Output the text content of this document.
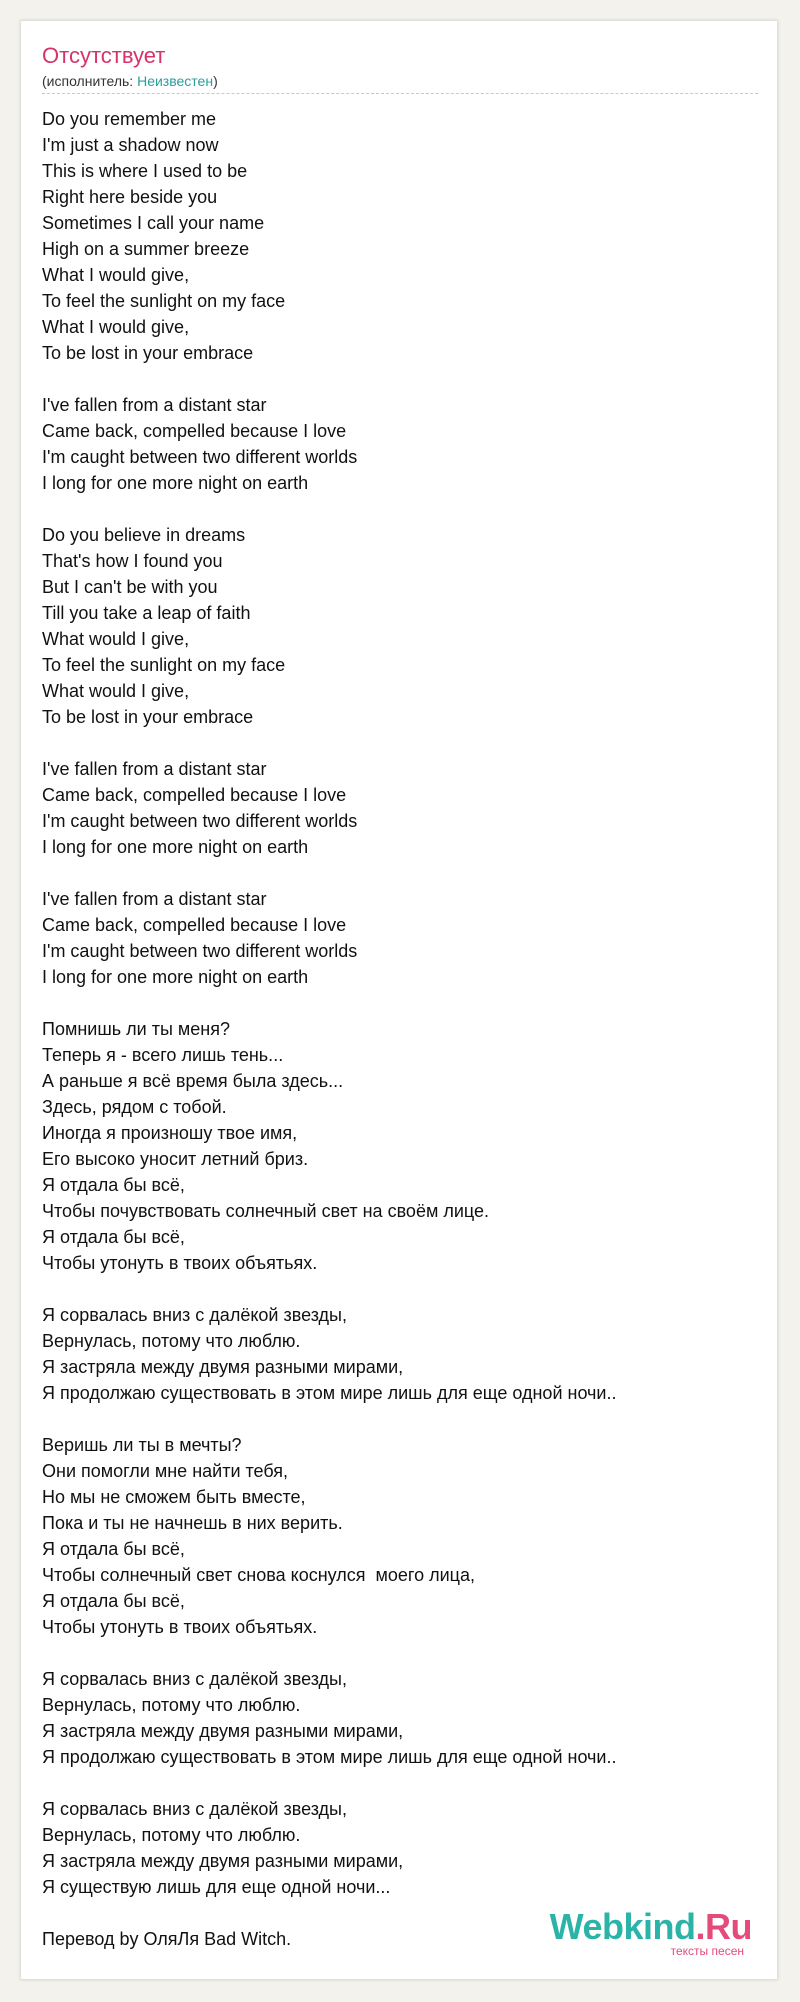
Отсутствует
(исполнитель: Неизвестен)
Do you remember me
I'm just a shadow now
This is where I used to be
Right here beside you
Sometimes I call your name
High on a summer breeze
What I would give,
To feel the sunlight on my face
What I would give,
To be lost in your embrace
I've fallen from a distant star
Came back, compelled because I love
I'm caught between two different worlds
I long for one more night on earth
Do you believe in dreams
That's how I found you
But I can't be with you
Till you take a leap of faith
What would I give,
To feel the sunlight on my face
What would I give,
To be lost in your embrace
I've fallen from a distant star
Came back, compelled because I love
I'm caught between two different worlds
I long for one more night on earth
I've fallen from a distant star
Came back, compelled because I love
I'm caught between two different worlds
I long for one more night on earth
Помнишь ли ты меня?
Теперь я - всего лишь тень...
А раньше я всё время была здесь...
Здесь, рядом с тобой.
Иногда я произношу твое имя,
Его высоко уносит летний бриз.
Я отдала бы всё,
Чтобы почувствовать солнечный свет на своём лице.
Я отдала бы всё,
Чтобы утонуть в твоих объятьях.
Я сорвалась вниз с далёкой звезды,
Вернулась, потому что люблю.
Я застряла между двумя разными мирами,
Я продолжаю существовать в этом мире лишь для еще одной ночи..
Веришь ли ты в мечты?
Они помогли мне найти тебя,
Но мы не сможем быть вместе,
Пока и ты не начнешь в них верить.
Я отдала бы всё,
Чтобы солнечный свет снова коснулся  моего лица,
Я отдала бы всё,
Чтобы утонуть в твоих объятьях.
Я сорвалась вниз с далёкой звезды,
Вернулась, потому что люблю.
Я застряла между двумя разными мирами,
Я продолжаю существовать в этом мире лишь для еще одной ночи..
Я сорвалась вниз с далёкой звезды,
Вернулась, потому что люблю.
Я застряла между двумя разными мирами,
Я существую лишь для еще одной ночи...
Перевод by ОляЛя Bad Witch.	Webkind.Ru
тексты песен
